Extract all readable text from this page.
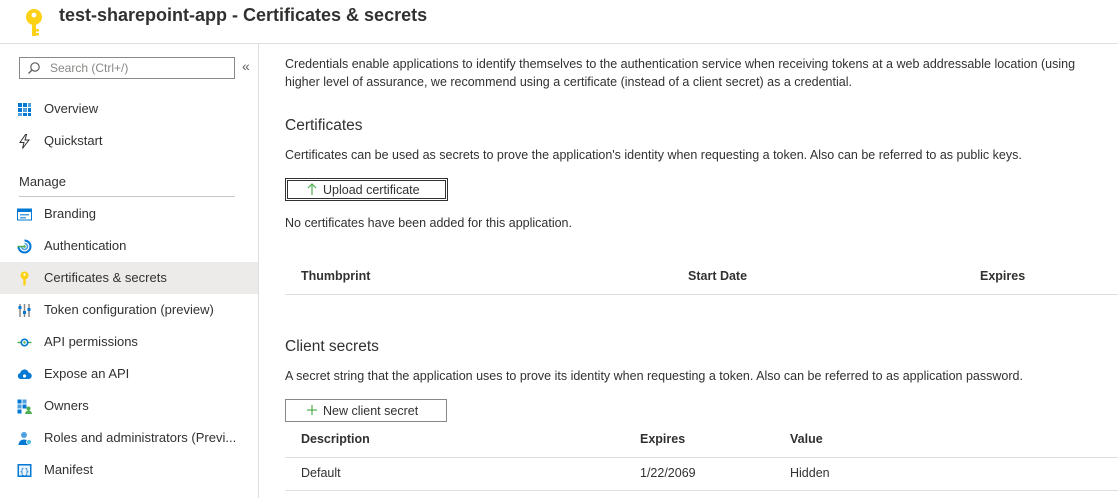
test-sharepoint-app - Certificates & secrets
Search (Ctrl+/)	«
Overview
Quickstart
Manage
Branding
Authentication
Certificates & secrets
Token configuration (preview)
API permissions
Expose an API
Owners
Roles and administrators (Previ...
{} Manifest
Credentials enable applications to identify themselves to the authentication service when receiving tokens at a web addressable location (using
higher level of assurance, we recommend using a certificate (instead of a client secret) as a credential.
Certificates
Certificates can be used as secrets to prove the application's identity when requesting a token. Also can be referred to as public keys.
Upload certificate
No certificates have been added for this application.
Thumbprint	Start Date	Expires
Client secrets
A secret string that the application uses to prove its identity when requesting a token. Also can be referred to as application password.
New client secret
Description	Expires	Value
Default	1/22/2069	Hidden
